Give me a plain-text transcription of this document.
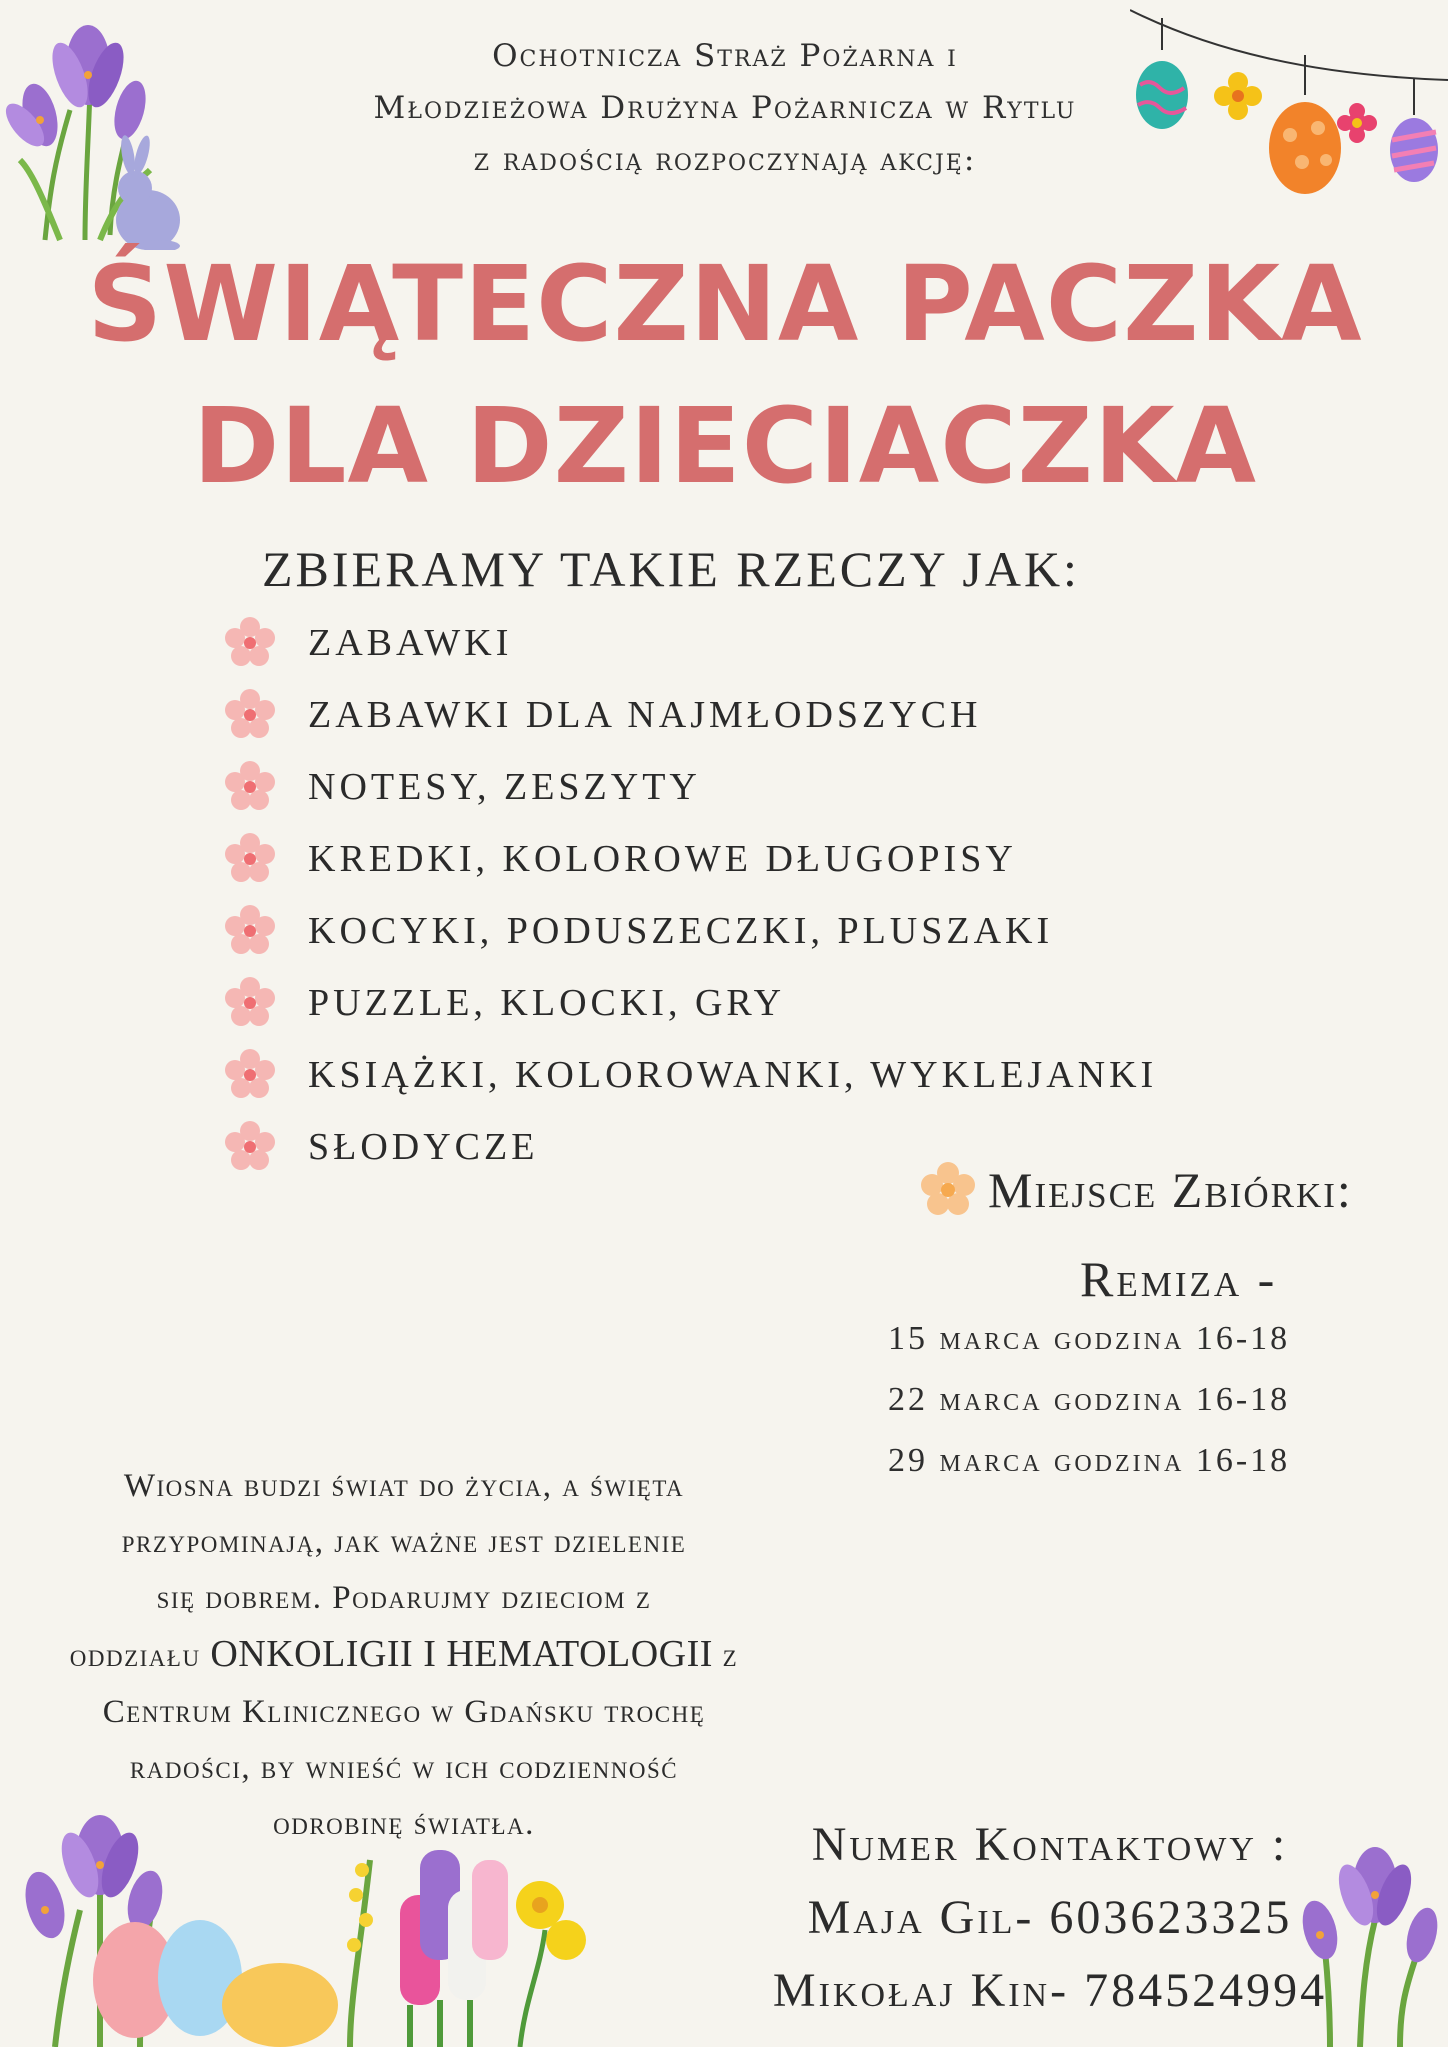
Ochotnicza Straż Pożarna i
Młodzieżowa Drużyna Pożarnicza w Rytlu
z radością rozpoczynają akcję:
ŚWIĄTECZNA PACZKA
DLA DZIECIACZKA
ZBIERAMY TAKIE RZECZY JAK:
ZABAWKI
ZABAWKI DLA NAJMŁODSZYCH
NOTESY, ZESZYTY
KREDKI, KOLOROWE DŁUGOPISY
KOCYKI, PODUSZECZKI, PLUSZAKI
PUZZLE, KLOCKI, GRY
KSIĄŻKI, KOLOROWANKI, WYKLEJANKI
SŁODYCZE
Miejsce Zbiórki:
Remiza -
15 marca godzina 16-18
22 marca godzina 16-18
29 marca godzina 16-18
Wiosna budzi świat do życia, a święta
przypominają, jak ważne jest dzielenie
się dobrem. Podarujmy dzieciom z
oddziału ONKOLIGII I HEMATOLOGII z
Centrum Klinicznego w Gdańsku trochę
radości, by wnieść w ich codzienność
odrobinę światła.	Numer Kontaktowy :
Maja Gil- 603623325
Mikołaj Kin- 784524994
